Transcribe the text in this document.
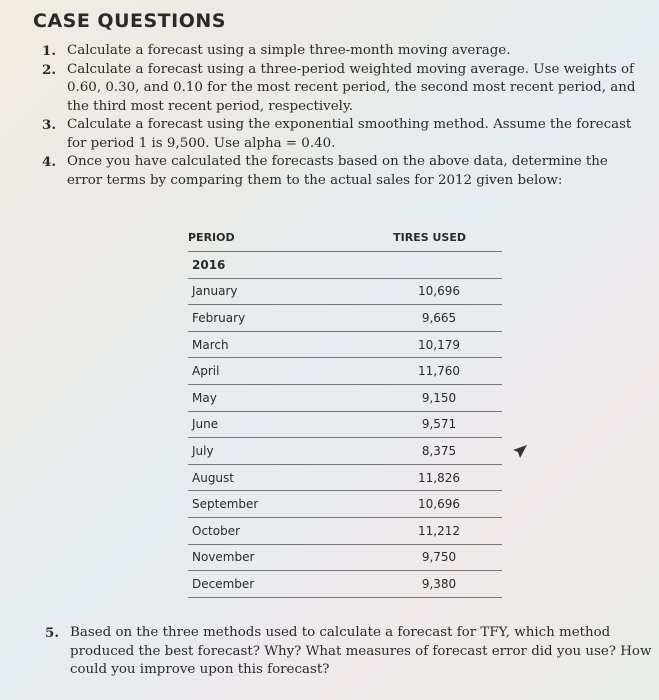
CASE QUESTIONS
1. Calculate a forecast using a simple three-month moving average.
2. Calculate a forecast using a three-period weighted moving average. Use weights of 0.60, 0.30, and 0.10 for the most recent period, the second most recent period, and the third most recent period, respectively.
3. Calculate a forecast using the exponential smoothing method. Assume the forecast for period 1 is 9,500. Use alpha = 0.40.
4. Once you have calculated the forecasts based on the above data, determine the error terms by comparing them to the actual sales for 2012 given below:
PERIOD	TIRES USED
2016
January	10,696
February	9,665
March	10,179
April	11,760
May	9,150
June	9,571
July	8,375
August	11,826
September	10,696
October	11,212
November	9,750
December	9,380
5. Based on the three methods used to calculate a forecast for TFY, which method produced the best forecast? Why? What measures of forecast error did you use? How could you improve upon this forecast?
